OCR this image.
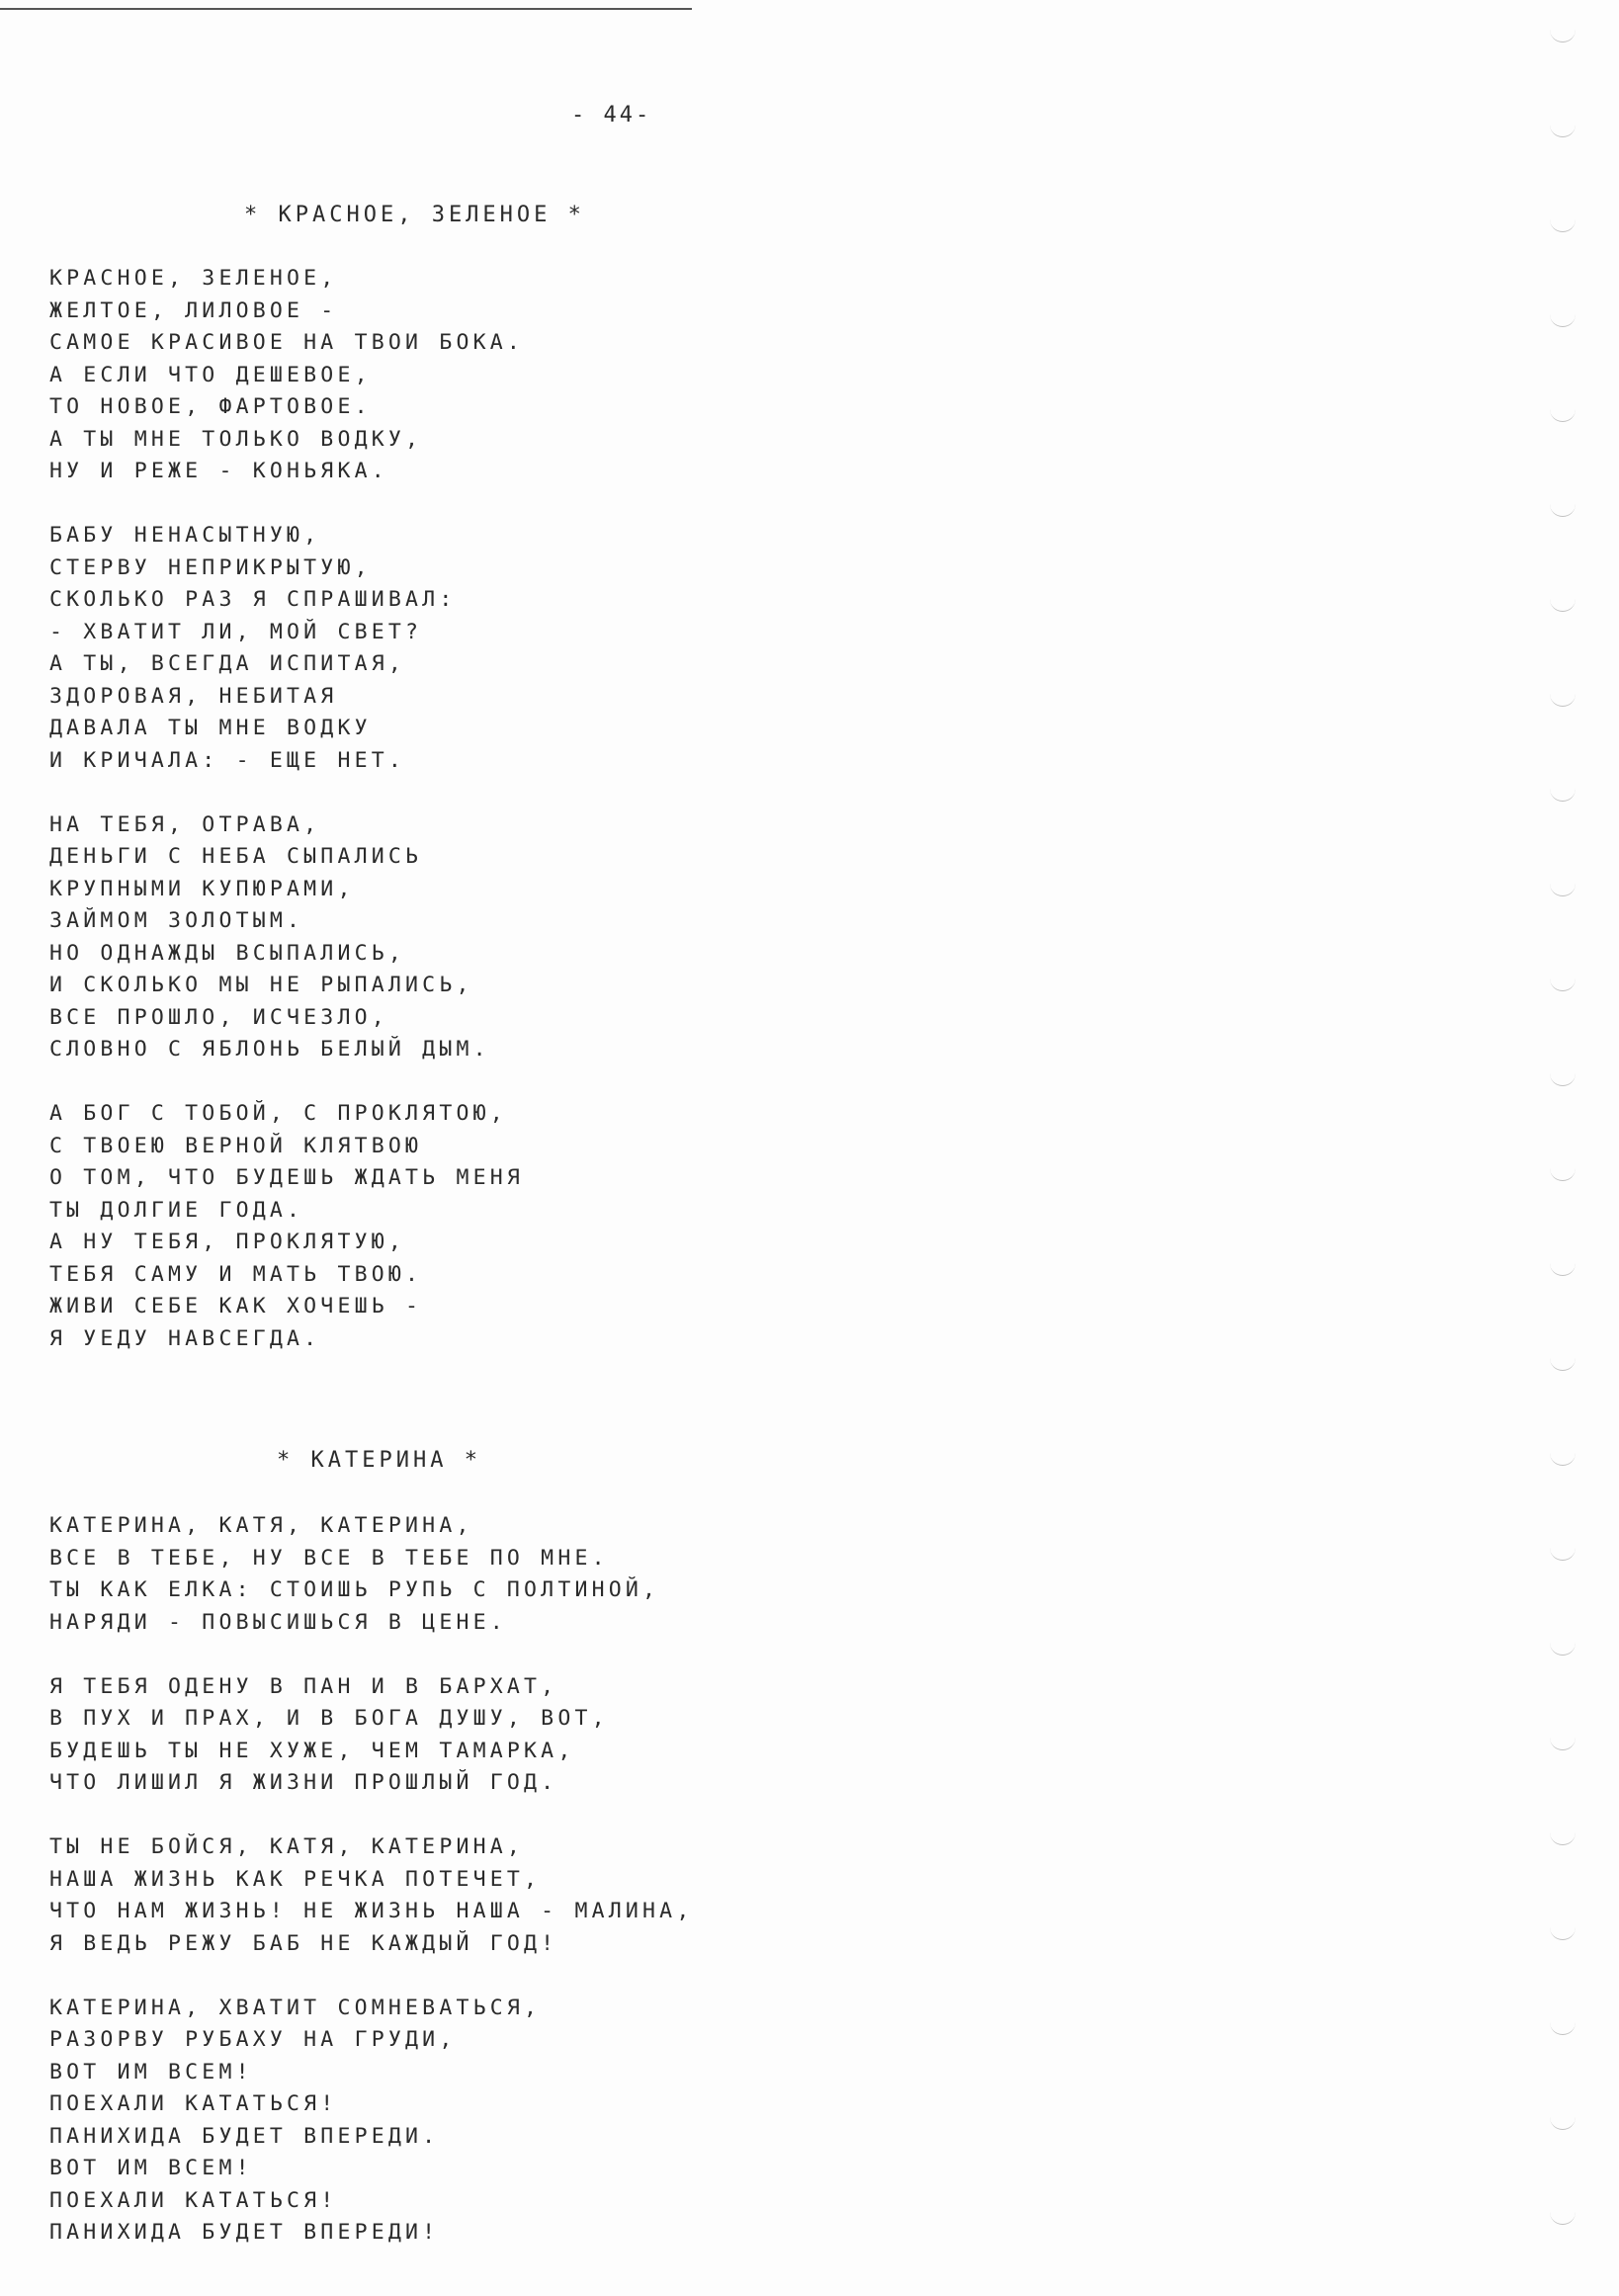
- 44-
* КРАСНОЕ, ЗЕЛЕНОЕ *
КРАСНОЕ, ЗЕЛЕНОЕ,
ЖЕЛТОЕ, ЛИЛОВОЕ -
САМОЕ КРАСИВОЕ НА ТВОИ БОКА.
А ЕСЛИ ЧТО ДЕШЕВОЕ,
ТО НОВОЕ, ФАРТОВОЕ.
А ТЫ МНЕ ТОЛЬКО ВОДКУ,
НУ И РЕЖЕ - КОНЬЯКА.
БАБУ НЕНАСЫТНУЮ,
СТЕРВУ НЕПРИКРЫТУЮ,
СКОЛЬКО РАЗ Я СПРАШИВАЛ:
- ХВАТИТ ЛИ, МОЙ СВЕТ?
А ТЫ, ВСЕГДА ИСПИТАЯ,
ЗДОРОВАЯ, НЕБИТАЯ
ДАВАЛА ТЫ МНЕ ВОДКУ
И КРИЧАЛА: - ЕЩЕ НЕТ.
НА ТЕБЯ, ОТРАВА,
ДЕНЬГИ С НЕБА СЫПАЛИСЬ
КРУПНЫМИ КУПЮРАМИ,
ЗАЙМОМ ЗОЛОТЫМ.
НО ОДНАЖДЫ ВСЫПАЛИСЬ,
И СКОЛЬКО МЫ НЕ РЫПАЛИСЬ,
ВСЕ ПРОШЛО, ИСЧЕЗЛО,
СЛОВНО С ЯБЛОНЬ БЕЛЫЙ ДЫМ.
А БОГ С ТОБОЙ, С ПРОКЛЯТОЮ,
С ТВОЕЮ ВЕРНОЙ КЛЯТВОЮ
О ТОМ, ЧТО БУДЕШЬ ЖДАТЬ МЕНЯ
ТЫ ДОЛГИЕ ГОДА.
А НУ ТЕБЯ, ПРОКЛЯТУЮ,
ТЕБЯ САМУ И МАТЬ ТВОЮ.
ЖИВИ СЕБЕ КАК ХОЧЕШЬ -
Я УЕДУ НАВСЕГДА.
* КАТЕРИНА *
КАТЕРИНА, КАТЯ, КАТЕРИНА,
ВСЕ В ТЕБЕ, НУ ВСЕ В ТЕБЕ ПО МНЕ.
ТЫ КАК ЕЛКА: СТОИШЬ РУПЬ С ПОЛТИНОЙ,
НАРЯДИ - ПОВЫСИШЬСЯ В ЦЕНЕ.
Я ТЕБЯ ОДЕНУ В ПАН И В БАРХАТ,
В ПУХ И ПРАХ, И В БОГА ДУШУ, ВОТ,
БУДЕШЬ ТЫ НЕ ХУЖЕ, ЧЕМ ТАМАРКА,
ЧТО ЛИШИЛ Я ЖИЗНИ ПРОШЛЫЙ ГОД.
ТЫ НЕ БОЙСЯ, КАТЯ, КАТЕРИНА,
НАША ЖИЗНЬ КАК РЕЧКА ПОТЕЧЕТ,
ЧТО НАМ ЖИЗНЬ! НЕ ЖИЗНЬ НАША - МАЛИНА,
Я ВЕДЬ РЕЖУ БАБ НЕ КАЖДЫЙ ГОД!
КАТЕРИНА, ХВАТИТ СОМНЕВАТЬСЯ,
РАЗОРВУ РУБАХУ НА ГРУДИ,
ВОТ ИМ ВСЕМ!
ПОЕХАЛИ КАТАТЬСЯ!
ПАНИХИДА БУДЕТ ВПЕРЕДИ.
ВОТ ИМ ВСЕМ!
ПОЕХАЛИ КАТАТЬСЯ!
ПАНИХИДА БУДЕТ ВПЕРЕДИ!
